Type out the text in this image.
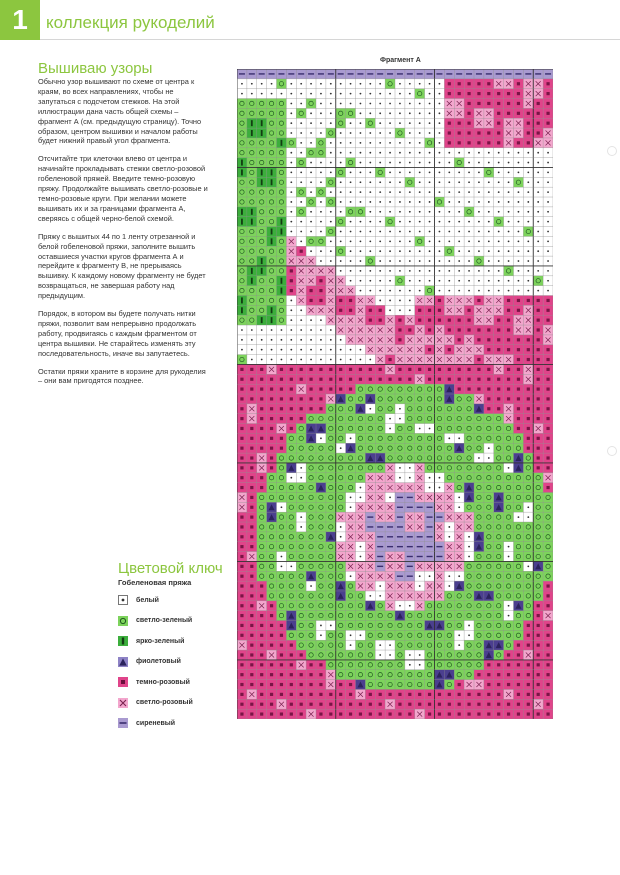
1	коллекция рукоделий
Вышиваю узоры

Обычно узор вышивают по схеме от центра к краям, во всех направлениях, чтобы не запутаться с подсчетом стежков. На этой иллюстрации дана часть общей схемы – фрагмент А (см. предыдущую страницу). Точно образом, центром вышивки и началом работы будет нижний правый угол фрагмента.

Отсчитайте три клеточки влево от центра и начинайте прокладывать стежки светло-розовой гобеленовой пряжей. Введите темно-розовую пряжу. Продолжайте вышивать светло-розовые и темно-розовые круги. При желании можете вышивать их и за границами фрагмента А, сверяясь с общей черно-белой схемой.

Пряжу с вышитых 44 по 1 ленту отрезанной и белой гобеленовой пряжи, заполните вышить оставшиеся участки кругов фрагмента А и перейдите к фрагменту В, не прерываясь вышивку. К каждому новому фрагменту не будет возвращаться, не завершая работу над предыдущим.

Порядок, в котором вы будете получать нитки пряжи, позволит вам непрерывно продолжать работу, продвигаясь с каждым фрагментом от центра вышивки. Не старайтесь изменять эту последовательность, иначе вы запутаетесь.

Остатки пряжи храните в корзине для рукоделия – они вам пригодятся позднее.

Цветовой ключ
Гобеленовая пряжа
белый
светло-зеленый
ярко-зеленый
фиолетовый
темно-розовый
светло-розовый
сиреневый
Фрагмент А
